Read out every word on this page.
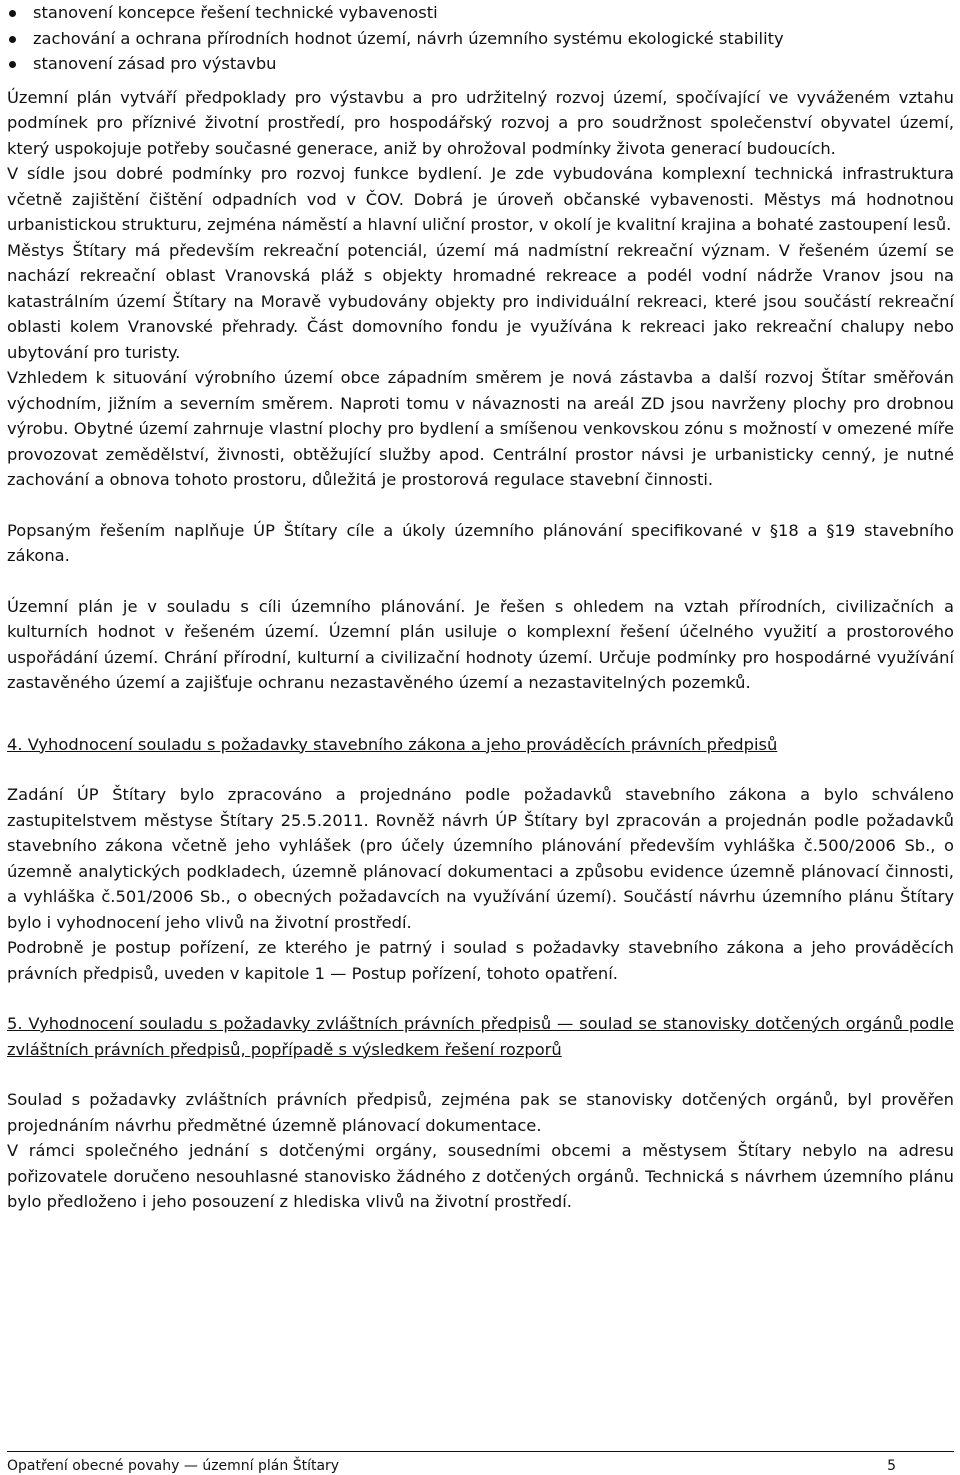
stanovení koncepce řešení technické vybavenosti
zachování a ochrana přírodních hodnot území, návrh územního systému ekologické stability
stanovení zásad pro výstavbu

Územní plán vytváří předpoklady pro výstavbu a pro udržitelný rozvoj území, spočívající ve vyváženém vztahu podmínek pro příznivé životní prostředí, pro hospodářský rozvoj a pro soudržnost společenství obyvatel území, který uspokojuje potřeby současné generace, aniž by ohrožoval podmínky života generací budoucích.

V sídle jsou dobré podmínky pro rozvoj funkce bydlení. Je zde vybudována komplexní technická infrastruktura včetně zajištění čištění odpadních vod v ČOV. Dobrá je úroveň občanské vybavenosti. Městys má hodnotnou urbanistickou strukturu, zejména náměstí a hlavní uliční prostor, v okolí je kvalitní krajina a bohaté zastoupení lesů.

Městys Štítary má především rekreační potenciál, území má nadmístní rekreační význam. V řešeném území se nachází rekreační oblast Vranovská pláž s objekty hromadné rekreace a podél vodní nádrže Vranov jsou na katastrálním území Štítary na Moravě vybudovány objekty pro individuální rekreaci, které jsou součástí rekreační oblasti kolem Vranovské přehrady. Část domovního fondu je využívána k rekreaci jako rekreační chalupy nebo ubytování pro turisty.

Vzhledem k situování výrobního území obce západním směrem je nová zástavba a další rozvoj Štítar směřován východním, jižním a severním směrem. Naproti tomu v návaznosti na areál ZD jsou navrženy plochy pro drobnou výrobu. Obytné území zahrnuje vlastní plochy pro bydlení a smíšenou venkovskou zónu s možností v omezené míře provozovat zemědělství, živnosti, obtěžující služby apod. Centrální prostor návsi je urbanisticky cenný, je nutné zachování a obnova tohoto prostoru, důležitá je prostorová regulace stavební činnosti.

Popsaným řešením naplňuje ÚP Štítary cíle a úkoly územního plánování specifikované v §18 a §19 stavebního zákona.

Územní plán je v souladu s cíli územního plánování. Je řešen s ohledem na vztah přírodních, civilizačních a kulturních hodnot v řešeném území. Územní plán usiluje o komplexní řešení účelného využití a prostorového uspořádání území. Chrání přírodní, kulturní a civilizační hodnoty území. Určuje podmínky pro hospodárné využívání zastavěného území a zajišťuje ochranu nezastavěného území a nezastavitelných pozemků.

4. Vyhodnocení souladu s požadavky stavebního zákona a jeho prováděcích právních předpisů

Zadání ÚP Štítary bylo zpracováno a projednáno podle požadavků stavebního zákona a bylo schváleno zastupitelstvem městyse Štítary 25.5.2011. Rovněž návrh ÚP Štítary byl zpracován a projednán podle požadavků stavebního zákona včetně jeho vyhlášek (pro účely územního plánování především vyhláška č.500/2006 Sb., o územně analytických podkladech, územně plánovací dokumentaci a způsobu evidence územně plánovací činnosti, a vyhláška č.501/2006 Sb., o obecných požadavcích na využívání území). Součástí návrhu územního plánu Štítary bylo i vyhodnocení jeho vlivů na životní prostředí.

Podrobně je postup pořízení, ze kterého je patrný i soulad s požadavky stavebního zákona a jeho prováděcích právních předpisů, uveden v kapitole 1 — Postup pořízení, tohoto opatření.

5. Vyhodnocení souladu s požadavky zvláštních právních předpisů — soulad se stanovisky dotčených orgánů podle zvláštních právních předpisů, popřípadě s výsledkem řešení rozporů

Soulad s požadavky zvláštních právních předpisů, zejména pak se stanovisky dotčených orgánů, byl prověřen projednáním návrhu předmětné územně plánovací dokumentace.

V rámci společného jednání s dotčenými orgány, sousedními obcemi a městysem Štítary nebylo na adresu pořizovatele doručeno nesouhlasné stanovisko žádného z dotčených orgánů. Technická s návrhem územního plánu bylo předloženo i jeho posouzení z hlediska vlivů na životní prostředí.

Opatření obecné povahy — územní plán Štítary	5
